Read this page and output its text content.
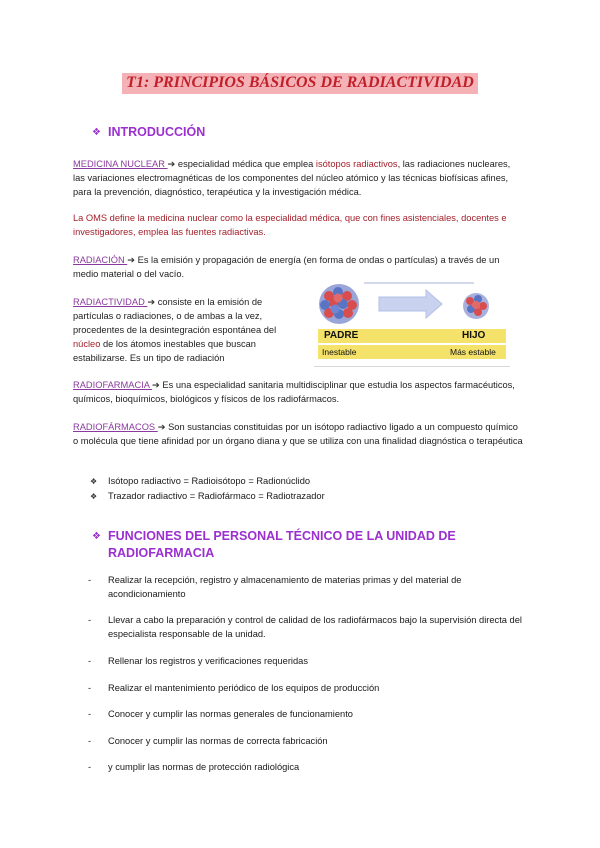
T1: PRINCIPIOS BÁSICOS DE RADIACTIVIDAD
❖ INTRODUCCIÓN
MEDICINA NUCLEAR ➔ especialidad médica que emplea isótopos radiactivos, las radiaciones nucleares, las variaciones electromagnéticas de los componentes del núcleo atómico y las técnicas biofísicas afines, para la prevención, diagnóstico, terapéutica y la investigación médica.
La OMS define la medicina nuclear como la especialidad médica, que con fines asistenciales, docentes e investigadores, emplea las fuentes radiactivas.
RADIACIÓN ➔ Es la emisión y propagación de energía (en forma de ondas o partículas) a través de un medio material o del vacío.
RADIACTIVIDAD ➔ consiste en la emisión de partículas o radiaciones, o de ambas a la vez, procedentes de la desintegración espontánea del núcleo de los átomos inestables que buscan estabilizarse. Es un tipo de radiación
PADRE	HIJO
Inestable	Más estable
RADIOFARMACIA ➔ Es una especialidad sanitaria multidisciplinar que estudia los aspectos farmacéuticos, químicos, bioquímicos, biológicos y físicos de los radiofármacos.
RADIOFÁRMACOS ➔ Son sustancias constituidas por un isótopo radiactivo ligado a un compuesto químico o molécula que tiene afinidad por un órgano diana y que se utiliza con una finalidad diagnóstica o terapéutica
❖	Isótopo radiactivo = Radioisótopo = Radionúclido
❖	Trazador radiactivo = Radiofármaco = Radiotrazador
❖ FUNCIONES DEL PERSONAL TÉCNICO DE LA UNIDAD DE
RADIOFARMACIA
-	Realizar la recepción, registro y almacenamiento de materias primas y del material de acondicionamiento
-	Llevar a cabo la preparación y control de calidad de los radiofármacos bajo la supervisión directa del especialista responsable de la unidad.
-	Rellenar los registros y verificaciones requeridas
-	Realizar el mantenimiento periódico de los equipos de producción
-	Conocer y cumplir las normas generales de funcionamiento
-	Conocer y cumplir las normas de correcta fabricación
-	y cumplir las normas de protección radiológica
